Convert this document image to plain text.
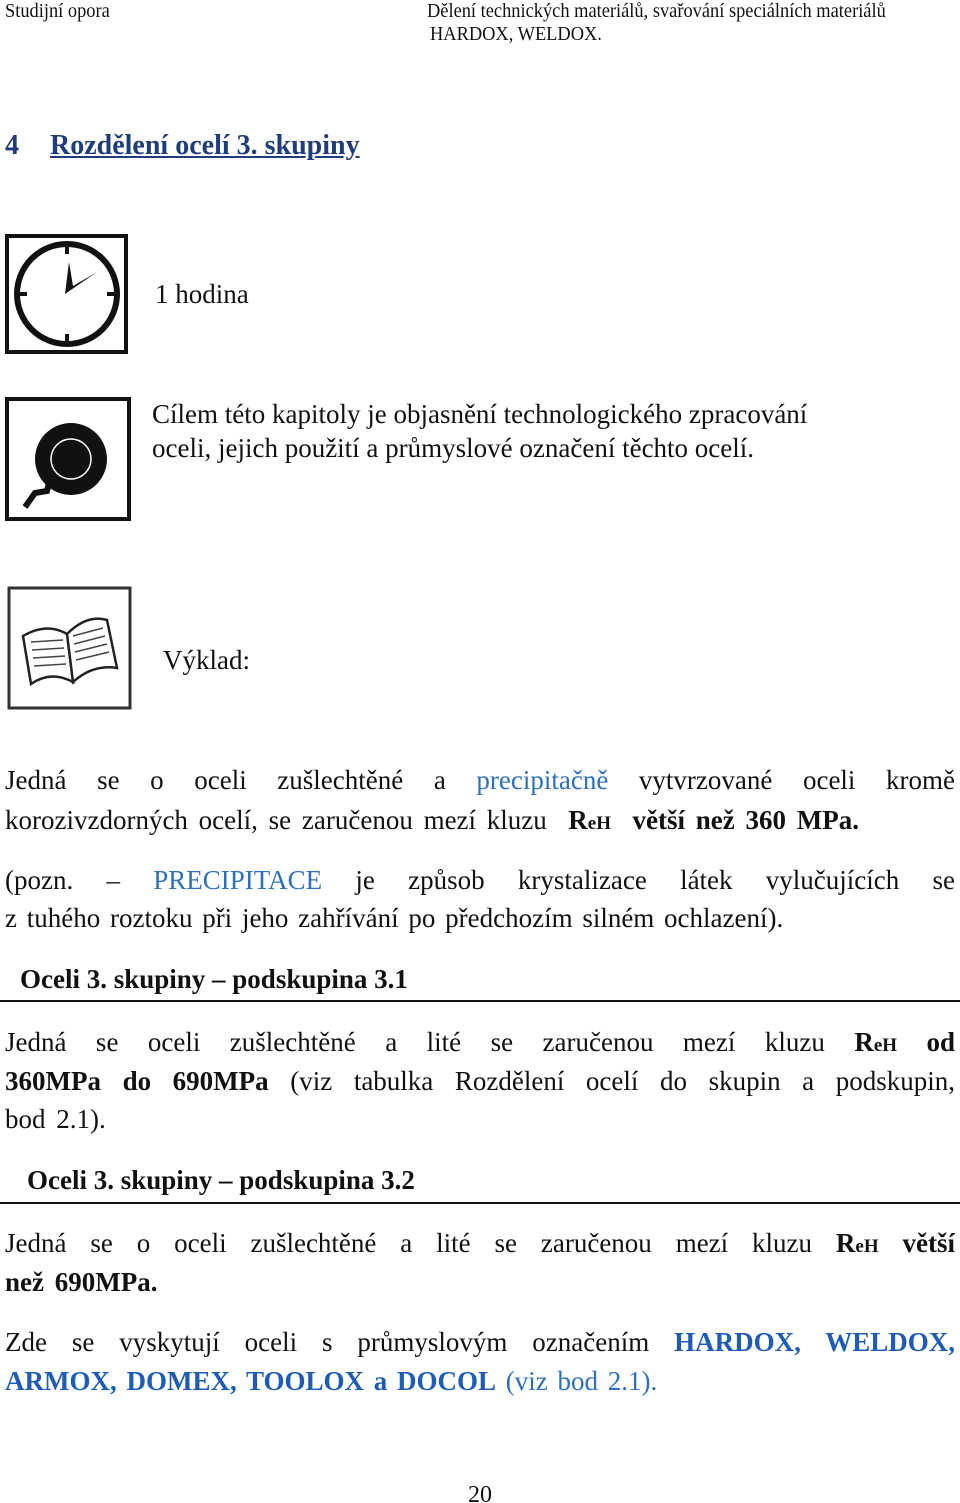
Studijní opora	Dělení technických materiálů, svařování speciálních materiálů
HARDOX, WELDOX.
4 Rozdělení ocelí 3. skupiny
1 hodina
Cílem této kapitoly je objasnění technologického zpracování
oceli, jejich použití a průmyslové označení těchto ocelí.
Výklad:
Jedná se o oceli zušlechtěné a precipitačně vytvrzované oceli kromě
korozivzdorných ocelí, se zaručenou mezí kluzu ReH větší než 360 MPa.
(pozn. – PRECIPITACE je způsob krystalizace látek vylučujících se
z tuhého roztoku při jeho zahřívání po předchozím silném ochlazení).
Oceli 3. skupiny – podskupina 3.1
Jedná se oceli zušlechtěné a lité se zaručenou mezí kluzu ReH od
360MPa do 690MPa (viz tabulka Rozdělení ocelí do skupin a podskupin,
bod 2.1).
Oceli 3. skupiny – podskupina 3.2
Jedná se o oceli zušlechtěné a lité se zaručenou mezí kluzu ReH větší
než 690MPa.
Zde se vyskytují oceli s průmyslovým označením HARDOX, WELDOX,
ARMOX, DOMEX, TOOLOX a DOCOL (viz bod 2.1).
20
